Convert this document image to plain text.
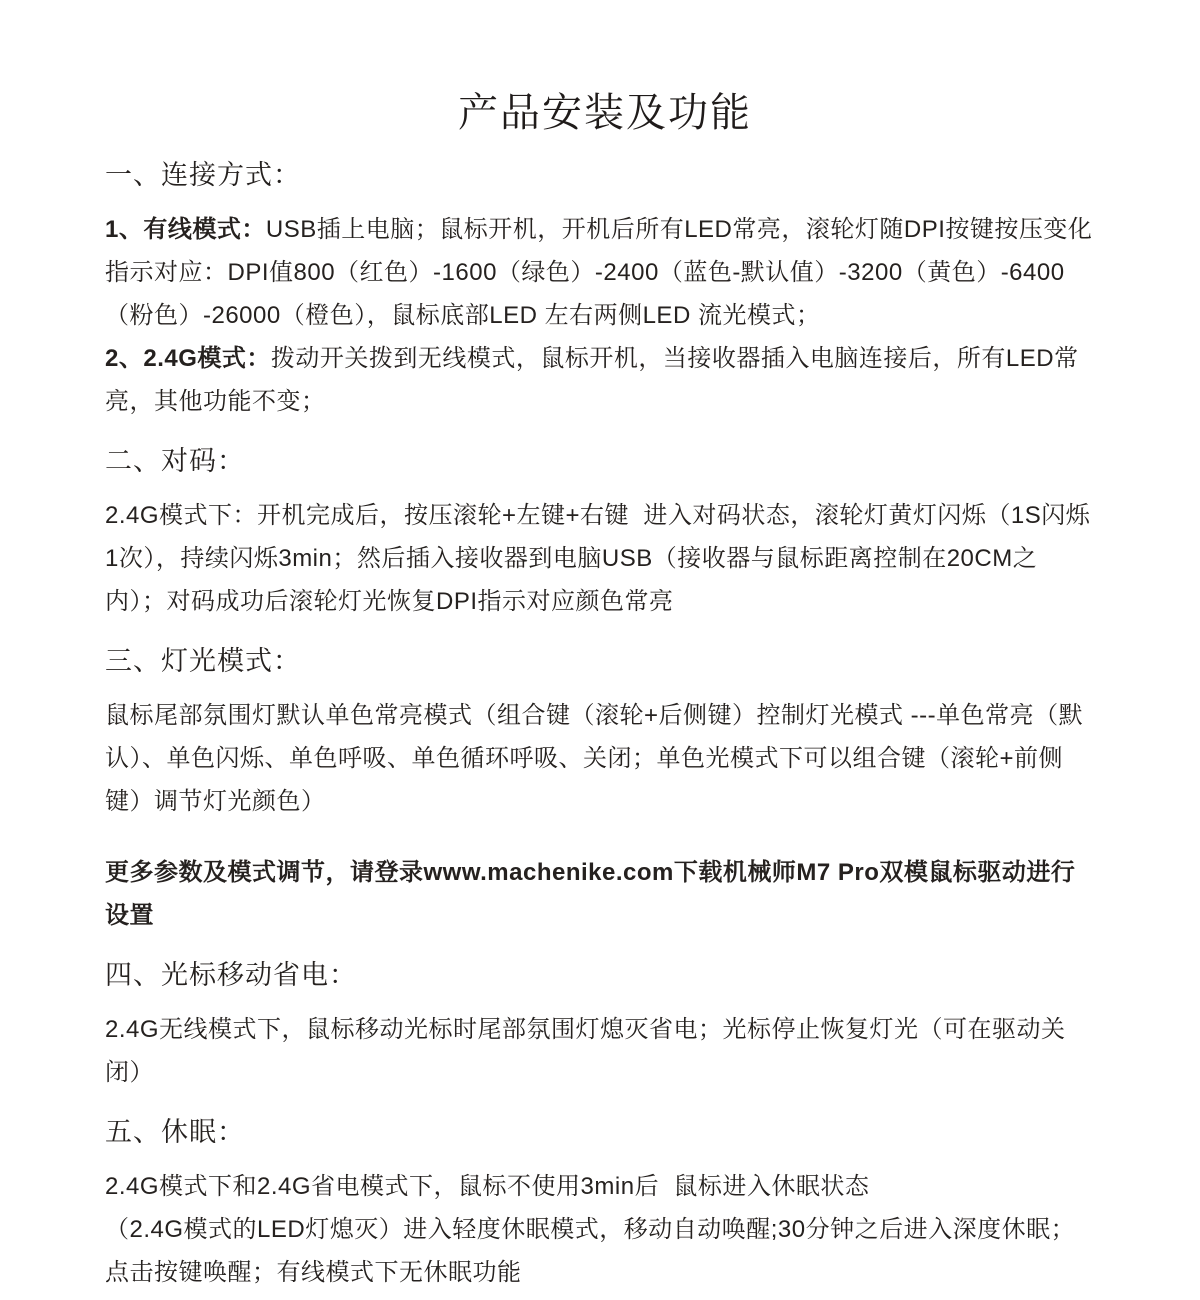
产品安装及功能
一、连接方式：

1、有线模式：USB插上电脑；鼠标开机，开机后所有LED常亮，滚轮灯随DPI按键按压变化指示对应：DPI值800（红色）-1600（绿色）-2400（蓝色-默认值）-3200（黄色）-6400（粉色）-26000（橙色），鼠标底部LED 左右两侧LED 流光模式；

2、2.4G模式：拨动开关拨到无线模式，鼠标开机，当接收器插入电脑连接后，所有LED常亮，其他功能不变；

二、对码：

2.4G模式下：开机完成后，按压滚轮+左键+右键  进入对码状态，滚轮灯黄灯闪烁（1S闪烁1次），持续闪烁3min；然后插入接收器到电脑USB（接收器与鼠标距离控制在20CM之内）；对码成功后滚轮灯光恢复DPI指示对应颜色常亮

三、灯光模式：

鼠标尾部氛围灯默认单色常亮模式（组合键（滚轮+后侧键）控制灯光模式 ---单色常亮（默认）、单色闪烁、单色呼吸、单色循环呼吸、关闭；单色光模式下可以组合键（滚轮+前侧键）调节灯光颜色）

更多参数及模式调节，请登录www.machenike.com下载机械师M7 Pro双模鼠标驱动进行设置

四、光标移动省电：

2.4G无线模式下，鼠标移动光标时尾部氛围灯熄灭省电；光标停止恢复灯光（可在驱动关闭）

五、休眠：

2.4G模式下和2.4G省电模式下，鼠标不使用3min后  鼠标进入休眠状态

（2.4G模式的LED灯熄灭）进入轻度休眠模式，移动自动唤醒;30分钟之后进入深度休眠；点击按键唤醒；有线模式下无休眠功能
